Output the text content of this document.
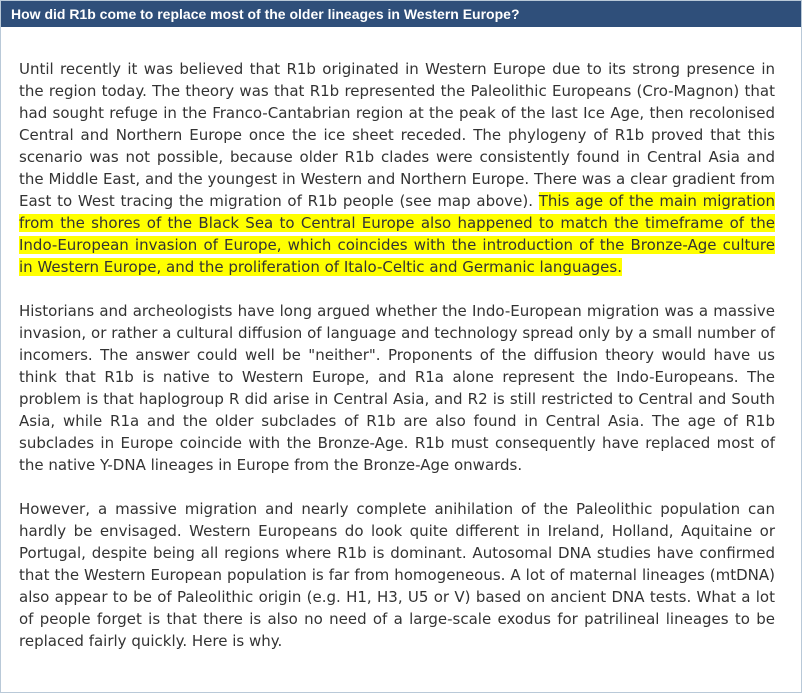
How did R1b come to replace most of the older lineages in Western Europe?

Until recently it was believed that R1b originated in Western Europe due to its strong presence in the region today. The theory was that R1b represented the Paleolithic Europeans (Cro-Magnon) that had sought refuge in the Franco-Cantabrian region at the peak of the last Ice Age, then recolonised Central and Northern Europe once the ice sheet receded. The phylogeny of R1b proved that this scenario was not possible, because older R1b clades were consistently found in Central Asia and the Middle East, and the youngest in Western and Northern Europe. There was a clear gradient from East to West tracing the migration of R1b people (see map above). This age of the main migration from the shores of the Black Sea to Central Europe also happened to match the timeframe of the Indo-European invasion of Europe, which coincides with the introduction of the Bronze-Age culture in Western Europe, and the proliferation of Italo-Celtic and Germanic languages.

Historians and archeologists have long argued whether the Indo-European migration was a massive invasion, or rather a cultural diffusion of language and technology spread only by a small number of incomers. The answer could well be "neither". Proponents of the diffusion theory would have us think that R1b is native to Western Europe, and R1a alone represent the Indo-Europeans. The problem is that haplogroup R did arise in Central Asia, and R2 is still restricted to Central and South Asia, while R1a and the older subclades of R1b are also found in Central Asia. The age of R1b subclades in Europe coincide with the Bronze-Age. R1b must consequently have replaced most of the native Y-DNA lineages in Europe from the Bronze-Age onwards.

However, a massive migration and nearly complete anihilation of the Paleolithic population can hardly be envisaged. Western Europeans do look quite different in Ireland, Holland, Aquitaine or Portugal, despite being all regions where R1b is dominant. Autosomal DNA studies have confirmed that the Western European population is far from homogeneous. A lot of maternal lineages (mtDNA) also appear to be of Paleolithic origin (e.g. H1, H3, U5 or V) based on ancient DNA tests. What a lot of people forget is that there is also no need of a large-scale exodus for patrilineal lineages to be replaced fairly quickly. Here is why.
